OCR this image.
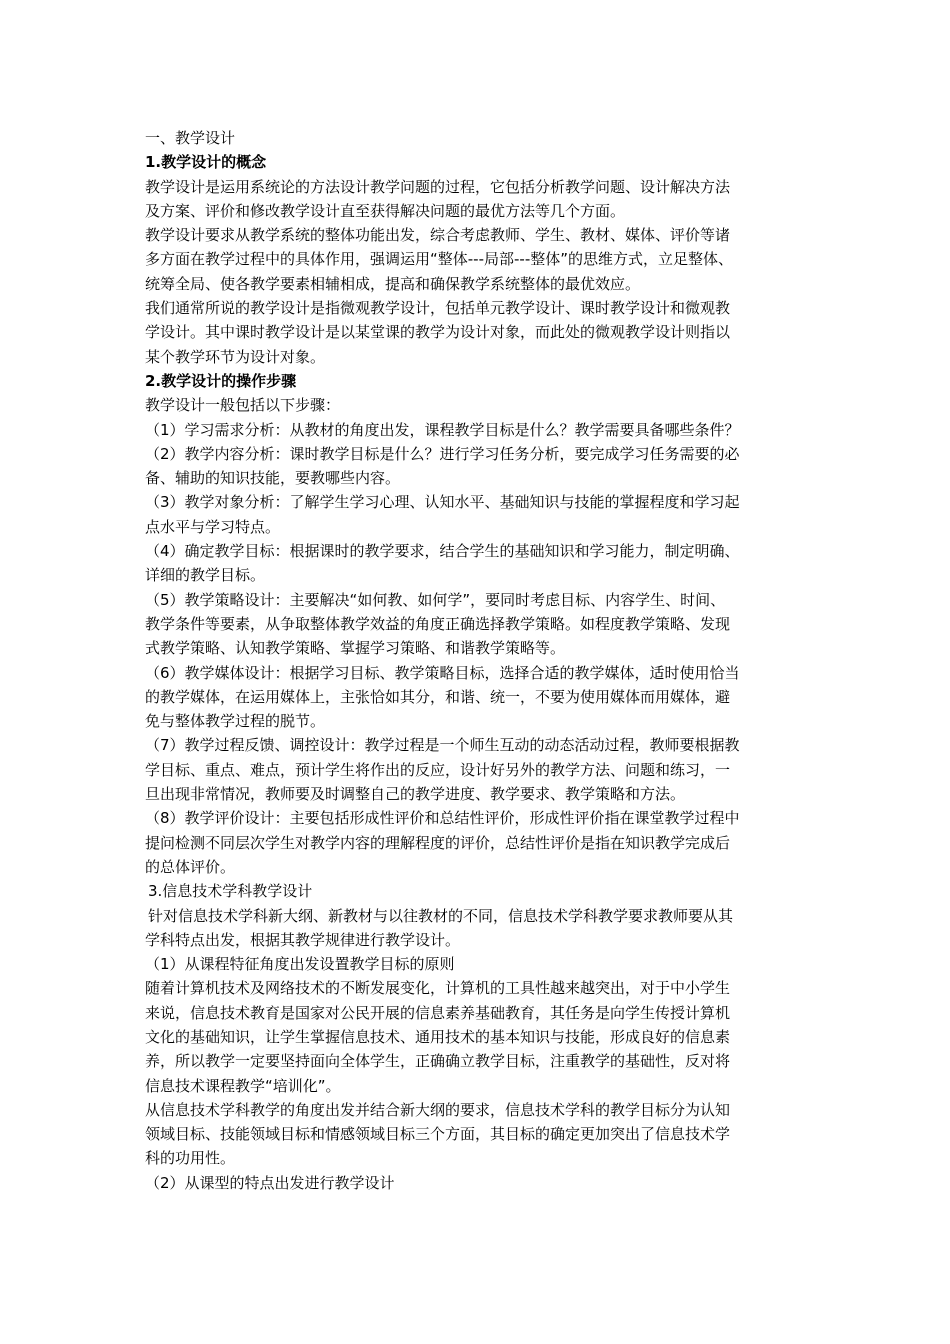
一、教学设计

1.教学设计的概念

教学设计是运用系统论的方法设计教学问题的过程，它包括分析教学问题、设计解决方法

及方案、评价和修改教学设计直至获得解决问题的最优方法等几个方面。

教学设计要求从教学系统的整体功能出发，综合考虑教师、学生、教材、媒体、评价等诸

多方面在教学过程中的具体作用，强调运用“整体---局部---整体”的思维方式，立足整体、

统筹全局、使各教学要素相辅相成，提高和确保教学系统整体的最优效应。

我们通常所说的教学设计是指微观教学设计，包括单元教学设计、课时教学设计和微观教

学设计。其中课时教学设计是以某堂课的教学为设计对象，而此处的微观教学设计则指以

某个教学环节为设计对象。

2.教学设计的操作步骤

教学设计一般包括以下步骤：

（1）学习需求分析：从教材的角度出发，课程教学目标是什么？教学需要具备哪些条件？

（2）教学内容分析：课时教学目标是什么？进行学习任务分析，要完成学习任务需要的必

备、辅助的知识技能，要教哪些内容。

（3）教学对象分析：了解学生学习心理、认知水平、基础知识与技能的掌握程度和学习起

点水平与学习特点。

（4）确定教学目标：根据课时的教学要求，结合学生的基础知识和学习能力，制定明确、

详细的教学目标。

（5）教学策略设计：主要解决“如何教、如何学”，要同时考虑目标、内容学生、时间、

教学条件等要素，从争取整体教学效益的角度正确选择教学策略。如程度教学策略、发现

式教学策略、认知教学策略、掌握学习策略、和谐教学策略等。

（6）教学媒体设计：根据学习目标、教学策略目标，选择合适的教学媒体，适时使用恰当

的教学媒体，在运用媒体上，主张恰如其分，和谐、统一，不要为使用媒体而用媒体，避

免与整体教学过程的脱节。

（7）教学过程反馈、调控设计：教学过程是一个师生互动的动态活动过程，教师要根据教

学目标、重点、难点，预计学生将作出的反应，设计好另外的教学方法、问题和练习，一

旦出现非常情况，教师要及时调整自己的教学进度、教学要求、教学策略和方法。

（8）教学评价设计：主要包括形成性评价和总结性评价，形成性评价指在课堂教学过程中

提问检测不同层次学生对教学内容的理解程度的评价，总结性评价是指在知识教学完成后

的总体评价。

3.信息技术学科教学设计

针对信息技术学科新大纲、新教材与以往教材的不同，信息技术学科教学要求教师要从其

学科特点出发，根据其教学规律进行教学设计。

（1）从课程特征角度出发设置教学目标的原则

随着计算机技术及网络技术的不断发展变化，计算机的工具性越来越突出，对于中小学生

来说，信息技术教育是国家对公民开展的信息素养基础教育，其任务是向学生传授计算机

文化的基础知识，让学生掌握信息技术、通用技术的基本知识与技能，形成良好的信息素

养，所以教学一定要坚持面向全体学生，正确确立教学目标，注重教学的基础性，反对将

信息技术课程教学“培训化”。

从信息技术学科教学的角度出发并结合新大纲的要求，信息技术学科的教学目标分为认知

领域目标、技能领域目标和情感领域目标三个方面，其目标的确定更加突出了信息技术学

科的功用性。

（2）从课型的特点出发进行教学设计
